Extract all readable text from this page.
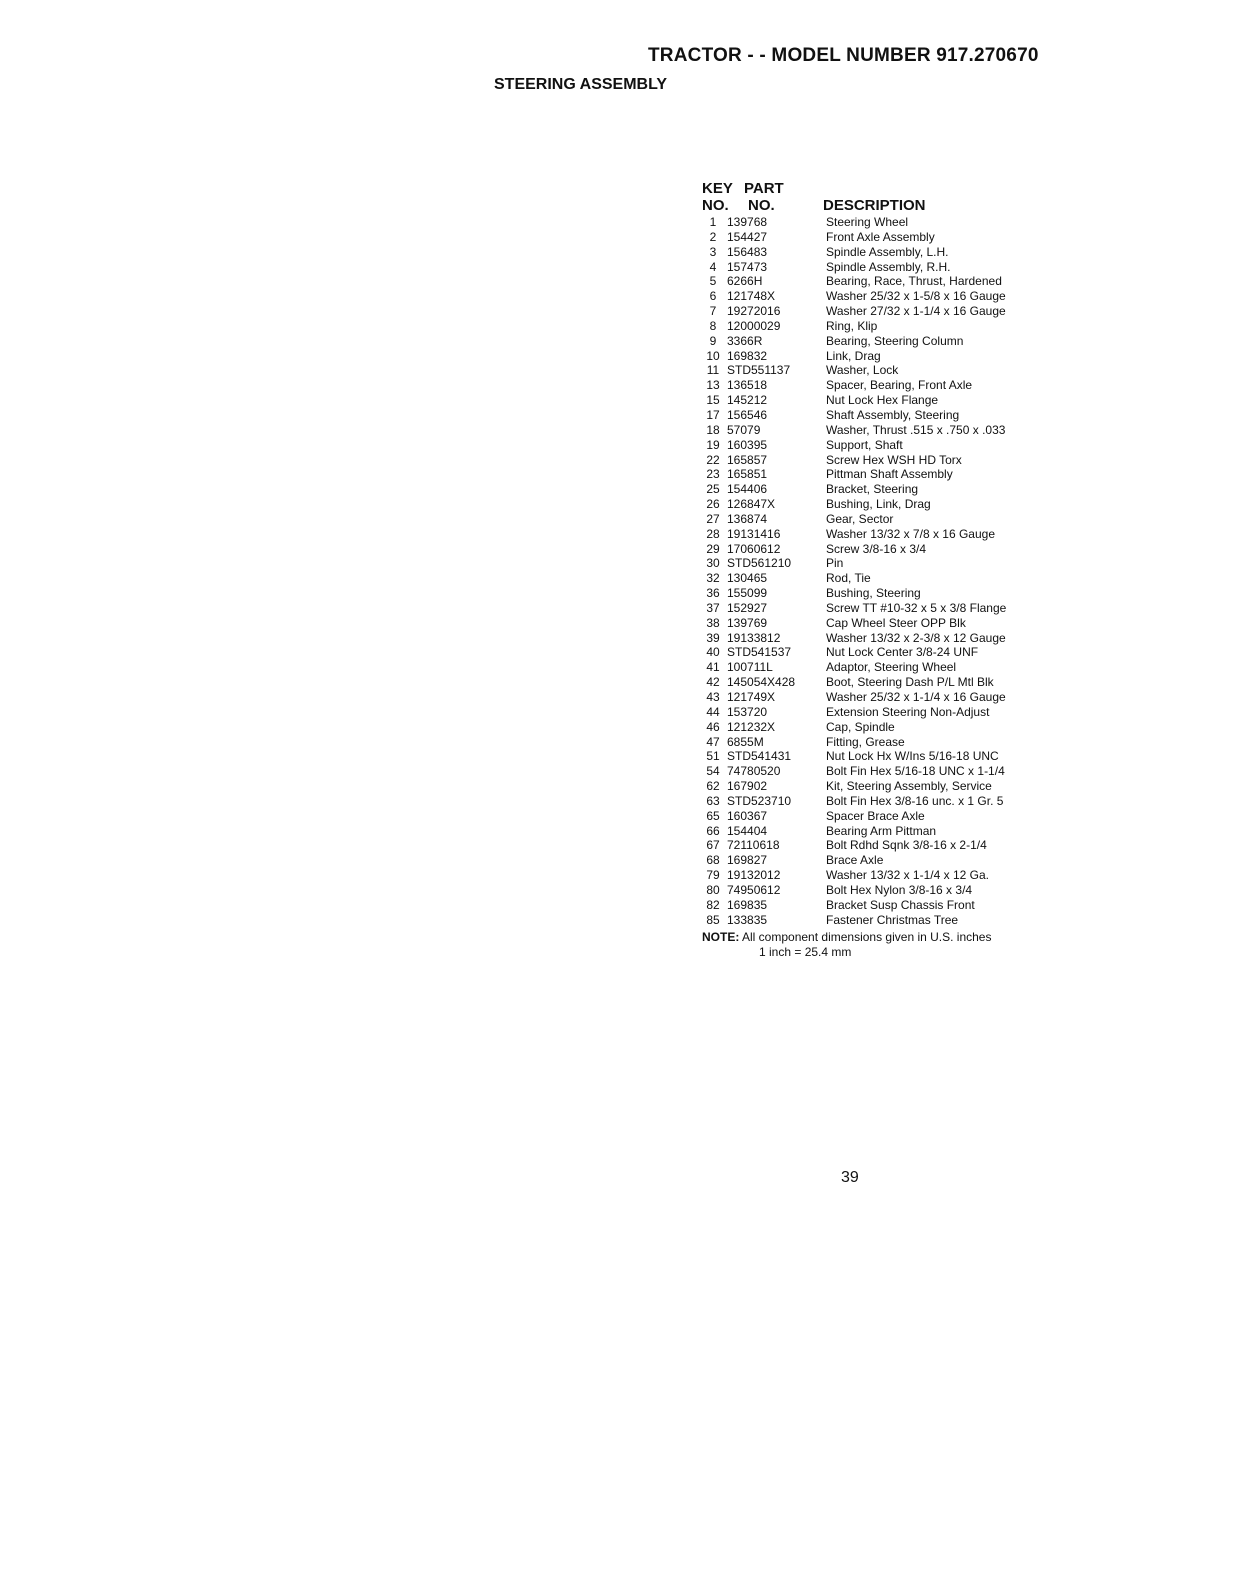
TRACTOR - - MODEL NUMBER 917.270670
STEERING ASSEMBLY
KEY
NO.
PART
NO.	DESCRIPTION
1 139768	Steering Wheel
2 154427	Front Axle Assembly
3 156483	Spindle Assembly, L.H.
4 157473	Spindle Assembly, R.H.
5 6266H	Bearing, Race, Thrust, Hardened
6 121748X	Washer 25/32 x 1-5/8 x 16 Gauge
7 19272016	Washer 27/32 x 1-1/4 x 16 Gauge
8 12000029	Ring, Klip
9 3366R	Bearing, Steering Column
10 169832	Link, Drag
11 STD551137	Washer, Lock
13 136518	Spacer, Bearing, Front Axle
15 145212	Nut Lock Hex Flange
17 156546	Shaft Assembly, Steering
18 57079	Washer, Thrust .515 x .750 x .033
19 160395	Support, Shaft
22 165857	Screw Hex WSH HD Torx
23 165851	Pittman Shaft Assembly
25 154406	Bracket, Steering
26 126847X	Bushing, Link, Drag
27 136874	Gear, Sector
28 19131416	Washer 13/32 x 7/8 x 16 Gauge
29 17060612	Screw 3/8-16 x 3/4
30 STD561210	Pin
32 130465	Rod, Tie
36 155099	Bushing, Steering
37 152927	Screw TT #10-32 x 5 x 3/8 Flange
38 139769	Cap Wheel Steer OPP Blk
39 19133812	Washer 13/32 x 2-3/8 x 12 Gauge
40 STD541537	Nut Lock Center 3/8-24 UNF
41 100711L	Adaptor, Steering Wheel
42 145054X428	Boot, Steering Dash P/L Mtl Blk
43 121749X	Washer 25/32 x 1-1/4 x 16 Gauge
44 153720	Extension Steering Non-Adjust
46 121232X	Cap, Spindle
47 6855M	Fitting, Grease
51 STD541431	Nut Lock Hx W/Ins 5/16-18 UNC
54 74780520	Bolt Fin Hex 5/16-18 UNC x 1-1/4
62 167902	Kit, Steering Assembly, Service
63 STD523710	Bolt Fin Hex 3/8-16 unc. x 1 Gr. 5
65 160367	Spacer Brace Axle
66 154404	Bearing Arm Pittman
67 72110618	Bolt Rdhd Sqnk 3/8-16 x 2-1/4
68 169827	Brace Axle
79 19132012	Washer 13/32 x 1-1/4 x 12 Ga.
80 74950612	Bolt Hex Nylon 3/8-16 x 3/4
82 169835	Bracket Susp Chassis Front
85 133835	Fastener Christmas Tree
NOTE: All component dimensions given in U.S. inches
1 inch = 25.4 mm
39
